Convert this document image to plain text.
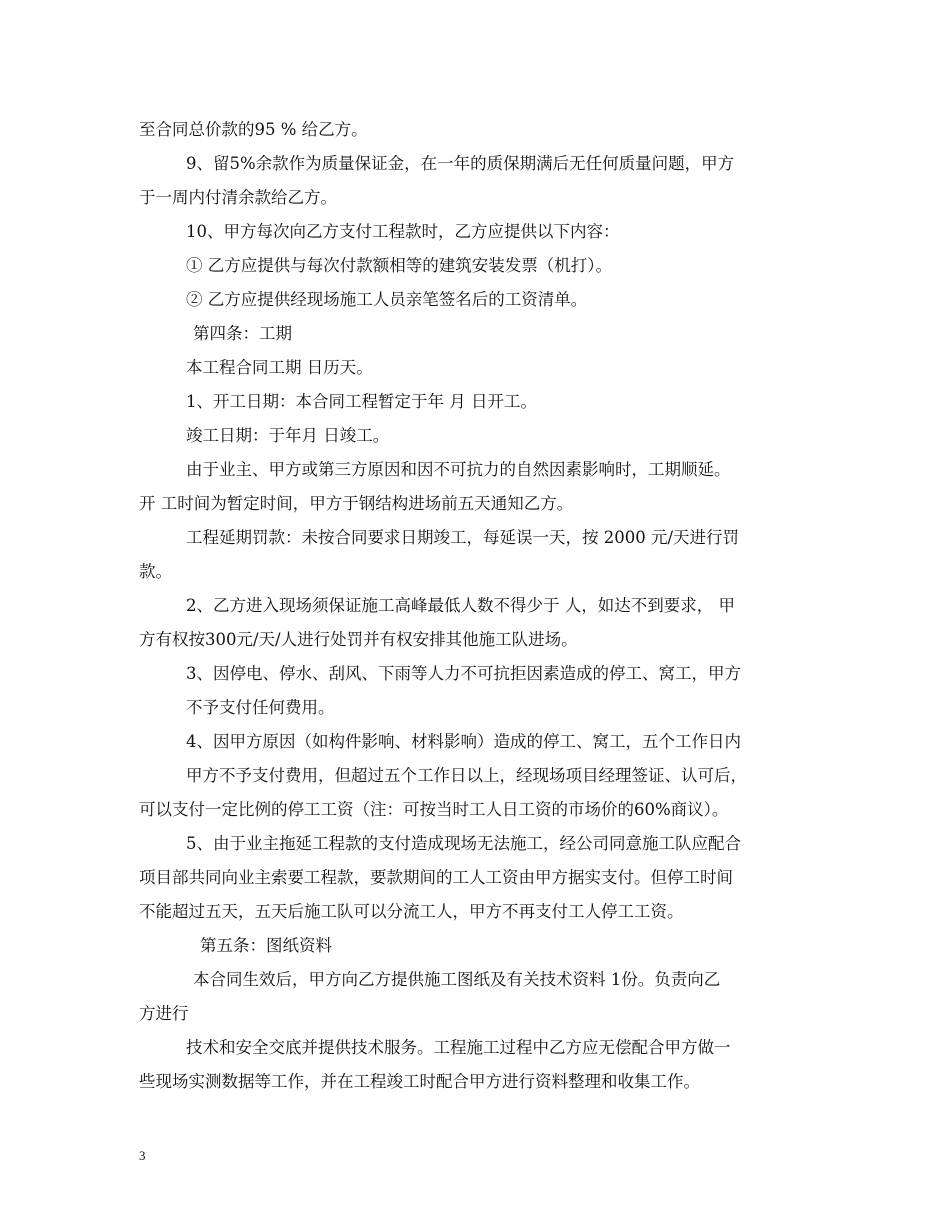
至合同总价款的95 % 给乙方。
9、留5%余款作为质量保证金，在一年的质保期满后无任何质量问题，甲方
于一周内付清余款给乙方。
10、甲方每次向乙方支付工程款时，乙方应提供以下内容：
① 乙方应提供与每次付款额相等的建筑安装发票（机打）。
② 乙方应提供经现场施工人员亲笔签名后的工资清单。
第四条：工期
本工程合同工期 日历天。
1、开工日期：本合同工程暂定于年 月 日开工。
竣工日期：于年月 日竣工。
由于业主、甲方或第三方原因和因不可抗力的自然因素影响时，工期顺延。
开 工时间为暂定时间，甲方于钢结构进场前五天通知乙方。
工程延期罚款：未按合同要求日期竣工，每延误一天，按 2000 元/天进行罚
款。
2、乙方进入现场须保证施工高峰最低人数不得少于 人，如达不到要求， 甲
方有权按300元/天/人进行处罚并有权安排其他施工队进场。
3、因停电、停水、刮风、下雨等人力不可抗拒因素造成的停工、窝工，甲方
不予支付任何费用。
4、因甲方原因（如构件影响、材料影响）造成的停工、窝工，五个工作日内
甲方不予支付费用，但超过五个工作日以上，经现场项目经理签证、认可后，
可以支付一定比例的停工工资（注：可按当时工人日工资的市场价的60%商议）。
5、由于业主拖延工程款的支付造成现场无法施工，经公司同意施工队应配合
项目部共同向业主索要工程款，要款期间的工人工资由甲方据实支付。但停工时间
不能超过五天，五天后施工队可以分流工人，甲方不再支付工人停工工资。
第五条：图纸资料
本合同生效后，甲方向乙方提供施工图纸及有关技术资料 1份。负责向乙
方进行
技术和安全交底并提供技术服务。工程施工过程中乙方应无偿配合甲方做一
些现场实测数据等工作，并在工程竣工时配合甲方进行资料整理和收集工作。
3
